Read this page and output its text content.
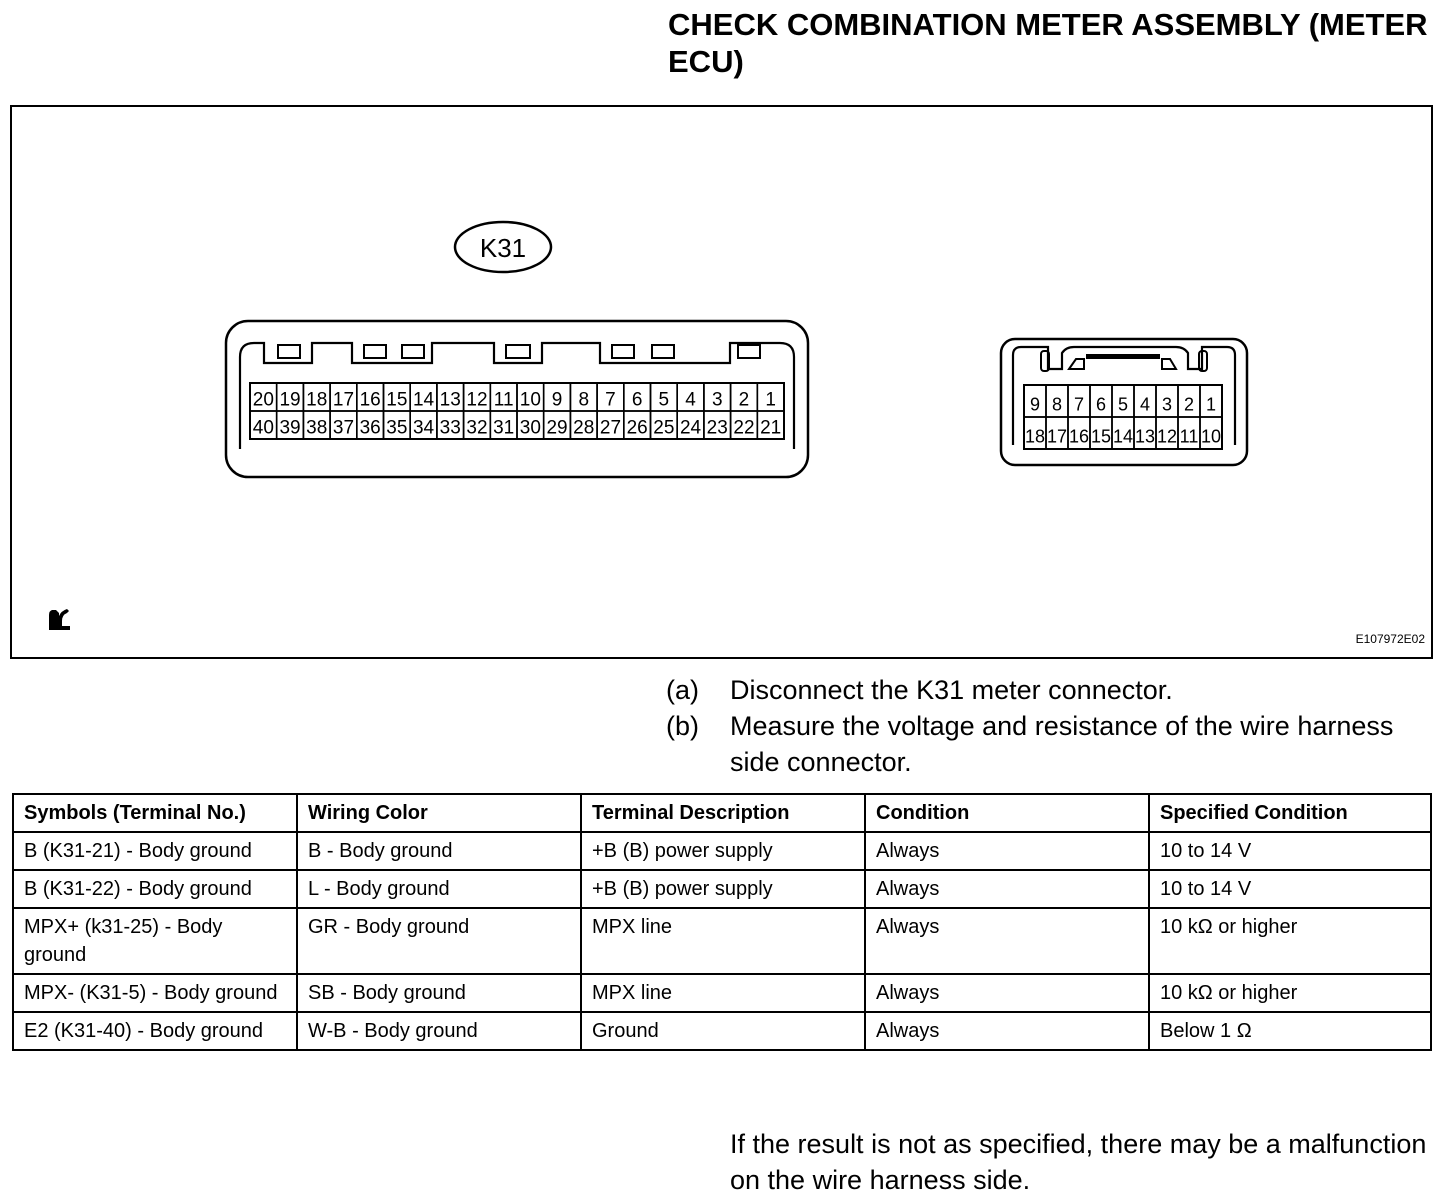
CHECK COMBINATION METER ASSEMBLY (METER ECU)
K31
20 19 18 17 16 15 14 13 12 11 10 9 8 7 6 5 4 3 2 1
40 39 38 37 36 35 34 33 32 31 30 29 28 27 26 25 24 23 22 21
9 8 7 6 5 4 3 2 1
18 17 16 15 14 13 12 11 10
E107972E02
(a)	Disconnect the K31 meter connector.
(b)	Measure the voltage and resistance of the wire harness side connector.
Symbols (Terminal No.)	Wiring Color	Terminal Description	Condition	Specified Condition
B (K31-21) - Body ground	B - Body ground	+B (B) power supply	Always	10 to 14 V
B (K31-22) - Body ground	L - Body ground	+B (B) power supply	Always	10 to 14 V
MPX+ (k31-25) - Body ground	GR - Body ground	MPX line	Always	10 kΩ or higher
MPX- (K31-5) - Body ground	SB - Body ground	MPX line	Always	10 kΩ or higher
E2 (K31-40) - Body ground	W-B - Body ground	Ground	Always	Below 1 Ω
If the result is not as specified, there may be a malfunction on the wire harness side.
